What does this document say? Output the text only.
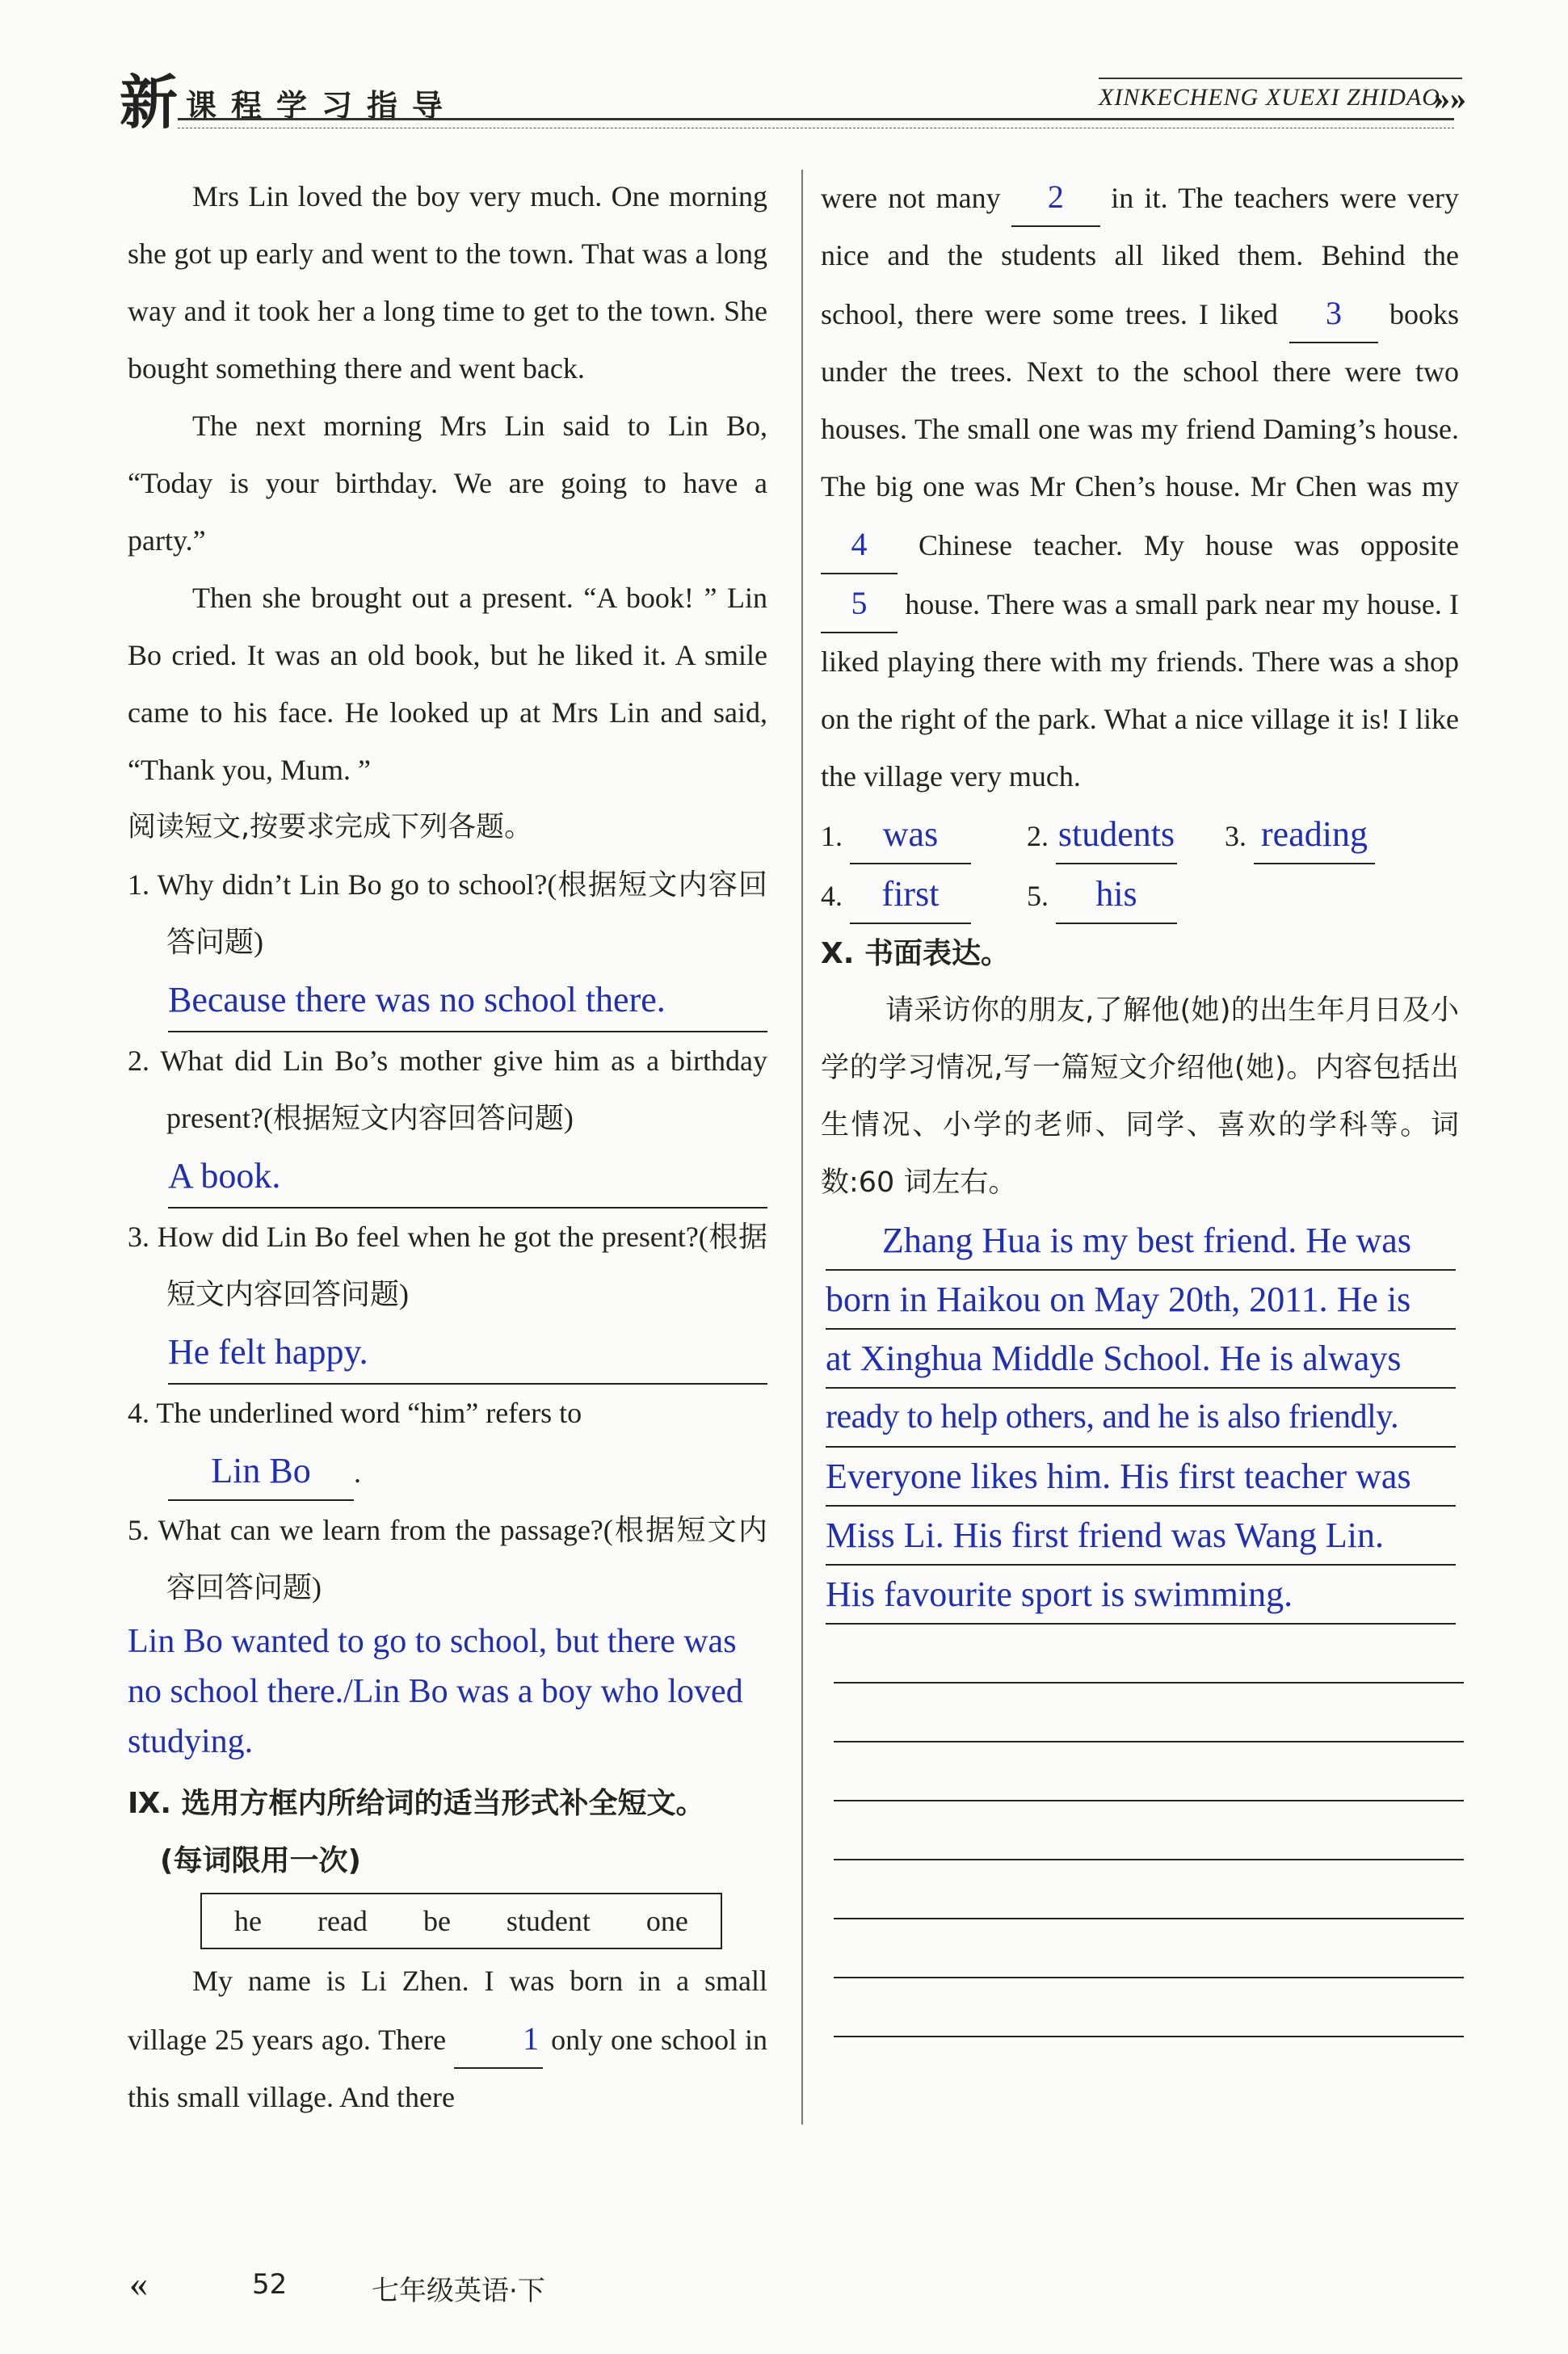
新 课程学习指导	XINKECHENG XUEXI ZHIDAO
»»

Mrs Lin loved the boy very much. One morning she got up early and went to the town. That was a long way and it took her a long time to get to the town. She bought something there and went back.

The next morning Mrs Lin said to Lin Bo, “Today is your birthday. We are going to have a party.”

Then she brought out a present. “A book! ” Lin Bo cried. It was an old book, but he liked it. A smile came to his face. He looked up at Mrs Lin and said, “Thank you, Mum. ”

阅读短文,按要求完成下列各题。

1. Why didn’t Lin Bo go to school?(根据短文内容回答问题)

Because there was no school there.

2. What did Lin Bo’s mother give him as a birthday present?(根据短文内容回答问题)

A book.

3. How did Lin Bo feel when he got the present?(根据短文内容回答问题)

He felt happy.

4. The underlined word “him” refers to

Lin Bo .

5. What can we learn from the passage?(根据短文内容回答问题)

Lin Bo wanted to go to school, but there was no school there./Lin Bo was a boy who loved studying.

Ⅸ. 选用方框内所给词的适当形式补全短文。

(每词限用一次)

he read be student one

My name is Li Zhen. I was born in a small village 25 years ago. There 1 only one school in this small village. And there

were not many 2 in it. The teachers were very nice and the students all liked them. Behind the school, there were some trees. I liked 3 books under the trees. Next to the school there were two houses. The small one was my friend Daming’s house. The big one was Mr Chen’s house. Mr Chen was my 4 Chinese teacher. My house was opposite 5 house. There was a small park near my house. I liked playing there with my friends. There was a shop on the right of the park. What a nice village it is! I like the village very much.

1. was	2. students 3. reading

4. first	5. his

Ⅹ. 书面表达。

请采访你的朋友,了解他(她)的出生年月日及小学的学习情况,写一篇短文介绍他(她)。内容包括出生情况、小学的老师、同学、喜欢的学科等。词数:60 词左右。

Zhang Hua is my best friend. He was
born in Haikou on May 20th, 2011. He is
at Xinghua Middle School. He is always
ready to help others, and he is also friendly.
Everyone likes him. His first teacher was
Miss Li. His first friend was Wang Lin.
His favourite sport is swimming.
«	52	七年级英语·下
